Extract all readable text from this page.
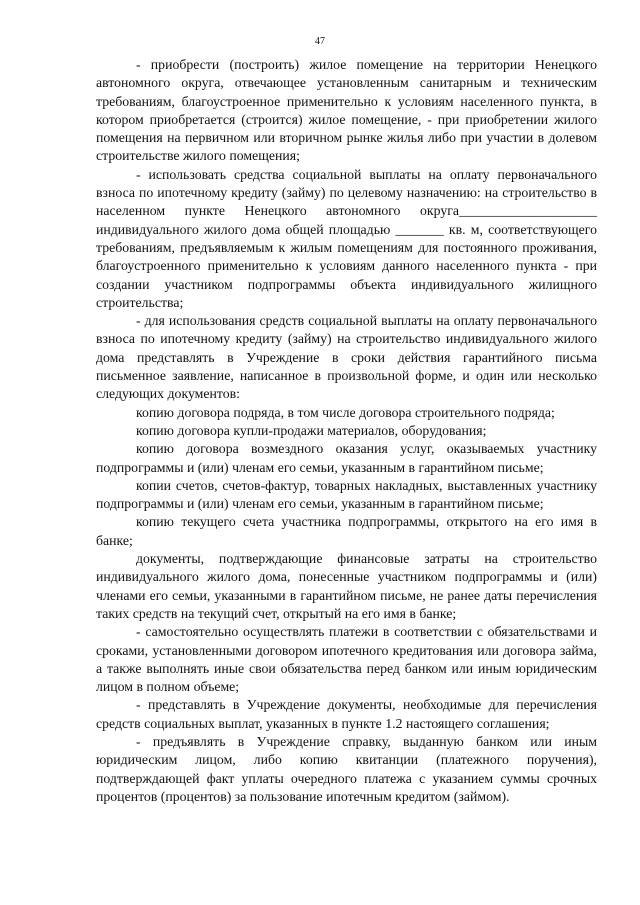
47

- приобрести (построить) жилое помещение на территории Ненецкого автономного округа, отвечающее установленным санитарным и техническим требованиям, благоустроенное применительно к условиям населенного пункта, в котором приобретается (строится) жилое помещение, - при приобретении жилого помещения на первичном или вторичном рынке жилья либо при участии в долевом строительстве жилого помещения;

- использовать средства социальной выплаты на оплату первоначального взноса по ипотечному кредиту (займу) по целевому назначению: на строительство в населенном пункте Ненецкого автономного округа____________________ индивидуального жилого дома общей площадью _______ кв. м, соответствующего требованиям, предъявляемым к жилым помещениям для постоянного проживания, благоустроенного применительно к условиям данного населенного пункта - при создании участником подпрограммы объекта индивидуального жилищного строительства;

- для использования средств социальной выплаты на оплату первоначального взноса по ипотечному кредиту (займу) на строительство индивидуального жилого дома представлять в Учреждение в сроки действия гарантийного письма письменное заявление, написанное в произвольной форме, и один или несколько следующих документов:

копию договора подряда, в том числе договора строительного подряда;

копию договора купли-продажи материалов, оборудования;

копию договора возмездного оказания услуг, оказываемых участнику подпрограммы и (или) членам его семьи, указанным в гарантийном письме;

копии счетов, счетов-фактур, товарных накладных, выставленных участнику подпрограммы и (или) членам его семьи, указанным в гарантийном письме;

копию текущего счета участника подпрограммы, открытого на его имя в банке;

документы, подтверждающие финансовые затраты на строительство индивидуального жилого дома, понесенные участником подпрограммы и (или) членами его семьи, указанными в гарантийном письме, не ранее даты перечисления таких средств на текущий счет, открытый на его имя в банке;

- самостоятельно осуществлять платежи в соответствии с обязательствами и сроками, установленными договором ипотечного кредитования или договора займа, а также выполнять иные свои обязательства перед банком или иным юридическим лицом в полном объеме;

- представлять в Учреждение документы, необходимые для перечисления средств социальных выплат, указанных в пункте 1.2 настоящего соглашения;

- предъявлять в Учреждение справку, выданную банком или иным юридическим лицом, либо копию квитанции (платежного поручения), подтверждающей факт уплаты очередного платежа с указанием суммы срочных процентов (процентов) за пользование ипотечным кредитом (займом).
